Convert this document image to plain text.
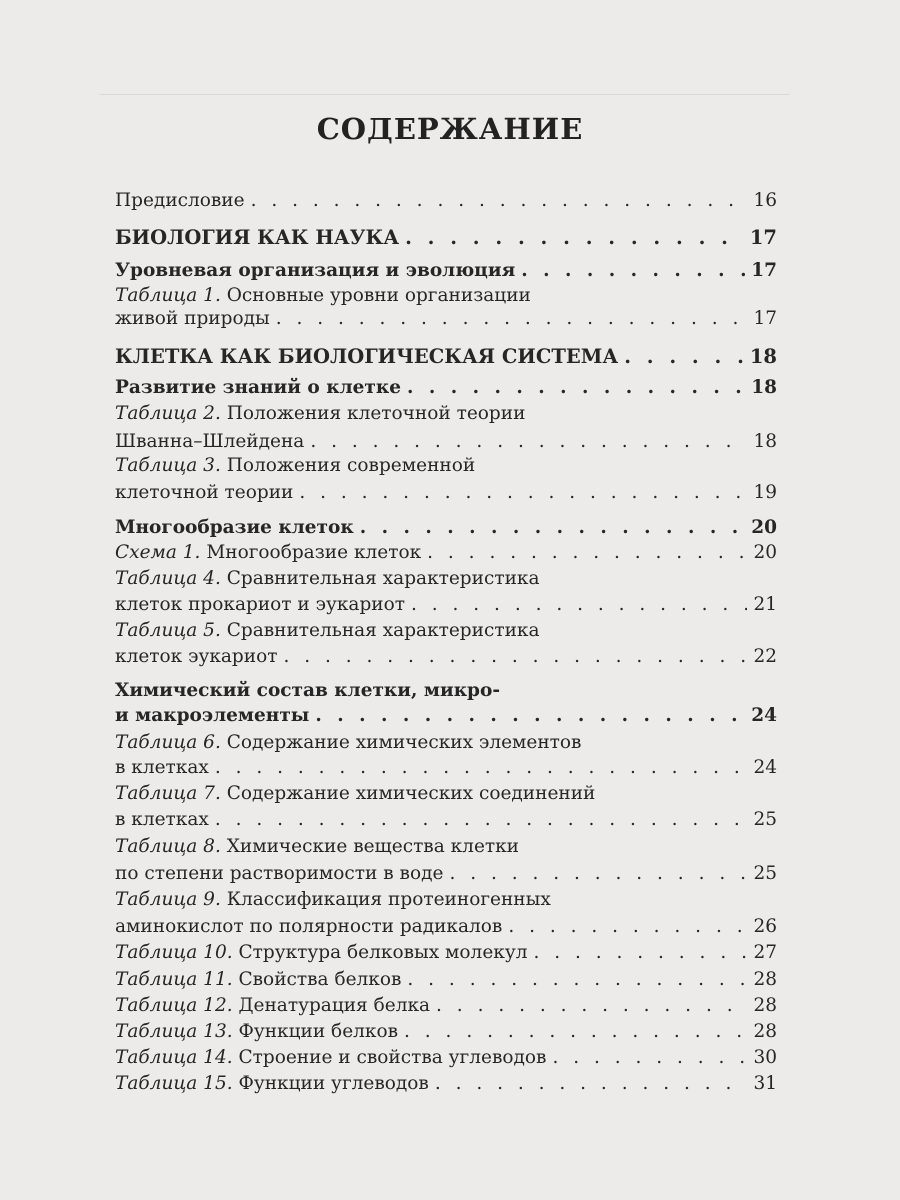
СОДЕРЖАНИЕ
Предисловие . . .	16
БИОЛОГИЯ КАК НАУКА . . .	17
Уровневая организация и эволюция . . .	17
Таблица 1. Основные уровни организации
живой природы . . .	17
КЛЕТКА КАК БИОЛОГИЧЕСКАЯ СИСТЕМА . . .	18
Развитие знаний о клетке . . .	18
Таблица 2. Положения клеточной теории
Шванна–Шлейдена . . .	18
Таблица 3. Положения современной
клеточной теории . . .	19
Многообразие клеток . . .	20
Схема 1. Многообразие клеток . . .	20
Таблица 4. Сравнительная характеристика
клеток прокариот и эукариот . . .	21
Таблица 5. Сравнительная характеристика
клеток эукариот . . .	22
Химический состав клетки, микро-
и макроэлементы . . .	24
Таблица 6. Содержание химических элементов
в клетках . . .	24
Таблица 7. Содержание химических соединений
в клетках . . .	25
Таблица 8. Химические вещества клетки
по степени растворимости в воде . . .	25
Таблица 9. Классификация протеиногенных
аминокислот по полярности радикалов . . .	26
Таблица 10. Структура белковых молекул . . .	27
Таблица 11. Свойства белков . . .	28
Таблица 12. Денатурация белка . . .	28
Таблица 13. Функции белков . . .	28
Таблица 14. Строение и свойства углеводов . . .	30
Таблица 15. Функции углеводов . . .	31
